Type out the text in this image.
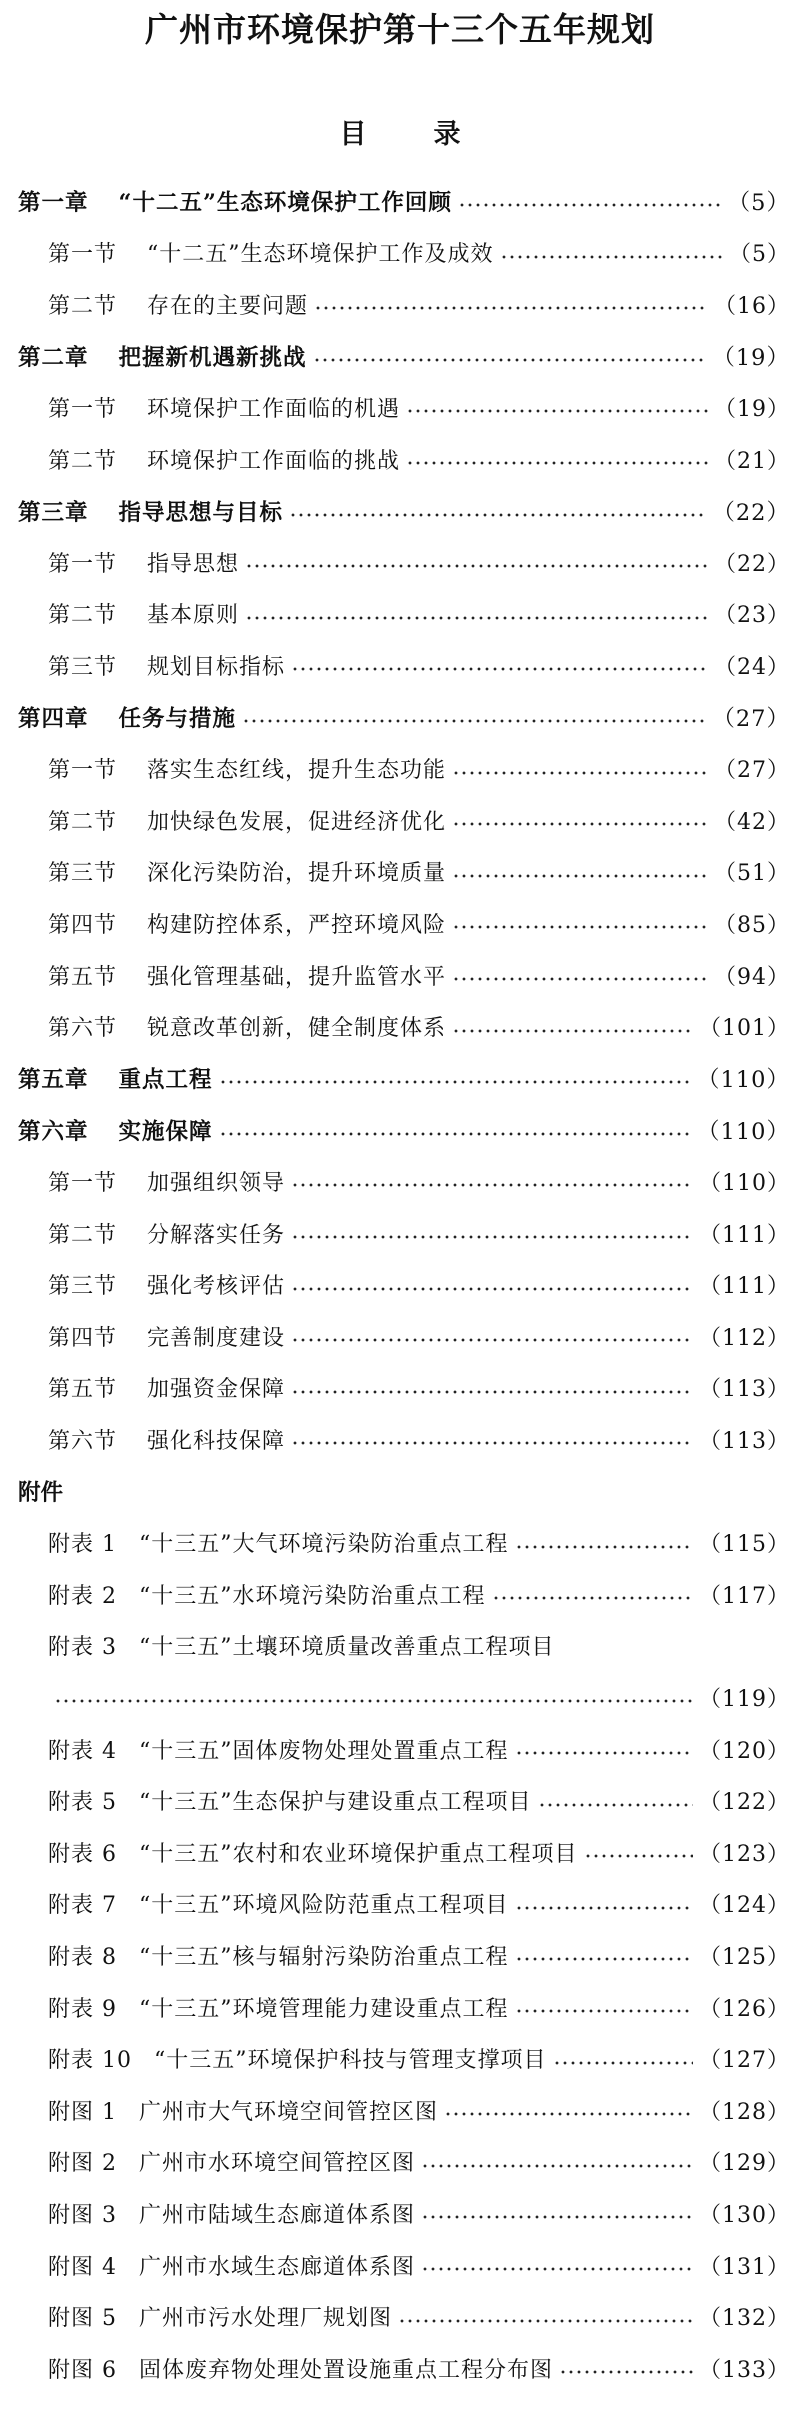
广州市环境保护第十三个五年规划
目　录
第一章 “十二五”生态环境保护工作回顾	（5）
第一节 “十二五”生态环境保护工作及成效	（5）
第二节 存在的主要问题	（16）
第二章 把握新机遇新挑战	（19）
第一节 环境保护工作面临的机遇	（19）
第二节 环境保护工作面临的挑战	（21）
第三章 指导思想与目标	（22）
第一节 指导思想	（22）
第二节 基本原则	（23）
第三节 规划目标指标	（24）
第四章 任务与措施	（27）
第一节 落实生态红线，提升生态功能	（27）
第二节 加快绿色发展，促进经济优化	（42）
第三节 深化污染防治，提升环境质量	（51）
第四节 构建防控体系，严控环境风险	（85）
第五节 强化管理基础，提升监管水平	（94）
第六节 锐意改革创新，健全制度体系	（101）
第五章 重点工程	（110）
第六章 实施保障	（110）
第一节 加强组织领导	（110）
第二节 分解落实任务	（111）
第三节 强化考核评估	（111）
第四节 完善制度建设	（112）
第五节 加强资金保障	（113）
第六节 强化科技保障	（113）
附件
附表 1 “十三五”大气环境污染防治重点工程	（115）
附表 2 “十三五”水环境污染防治重点工程	（117）
附表 3 “十三五”土壤环境质量改善重点工程项目
（119）
附表 4 “十三五”固体废物处理处置重点工程	（120）
附表 5 “十三五”生态保护与建设重点工程项目	（122）
附表 6 “十三五”农村和农业环境保护重点工程项目	（123）
附表 7 “十三五”环境风险防范重点工程项目	（124）
附表 8 “十三五”核与辐射污染防治重点工程	（125）
附表 9 “十三五”环境管理能力建设重点工程	（126）
附表 10 “十三五”环境保护科技与管理支撑项目	（127）
附图 1 广州市大气环境空间管控区图	（128）
附图 2 广州市水环境空间管控区图	（129）
附图 3 广州市陆域生态廊道体系图	（130）
附图 4 广州市水域生态廊道体系图	（131）
附图 5 广州市污水处理厂规划图	（132）
附图 6 固体废弃物处理处置设施重点工程分布图	（133）
